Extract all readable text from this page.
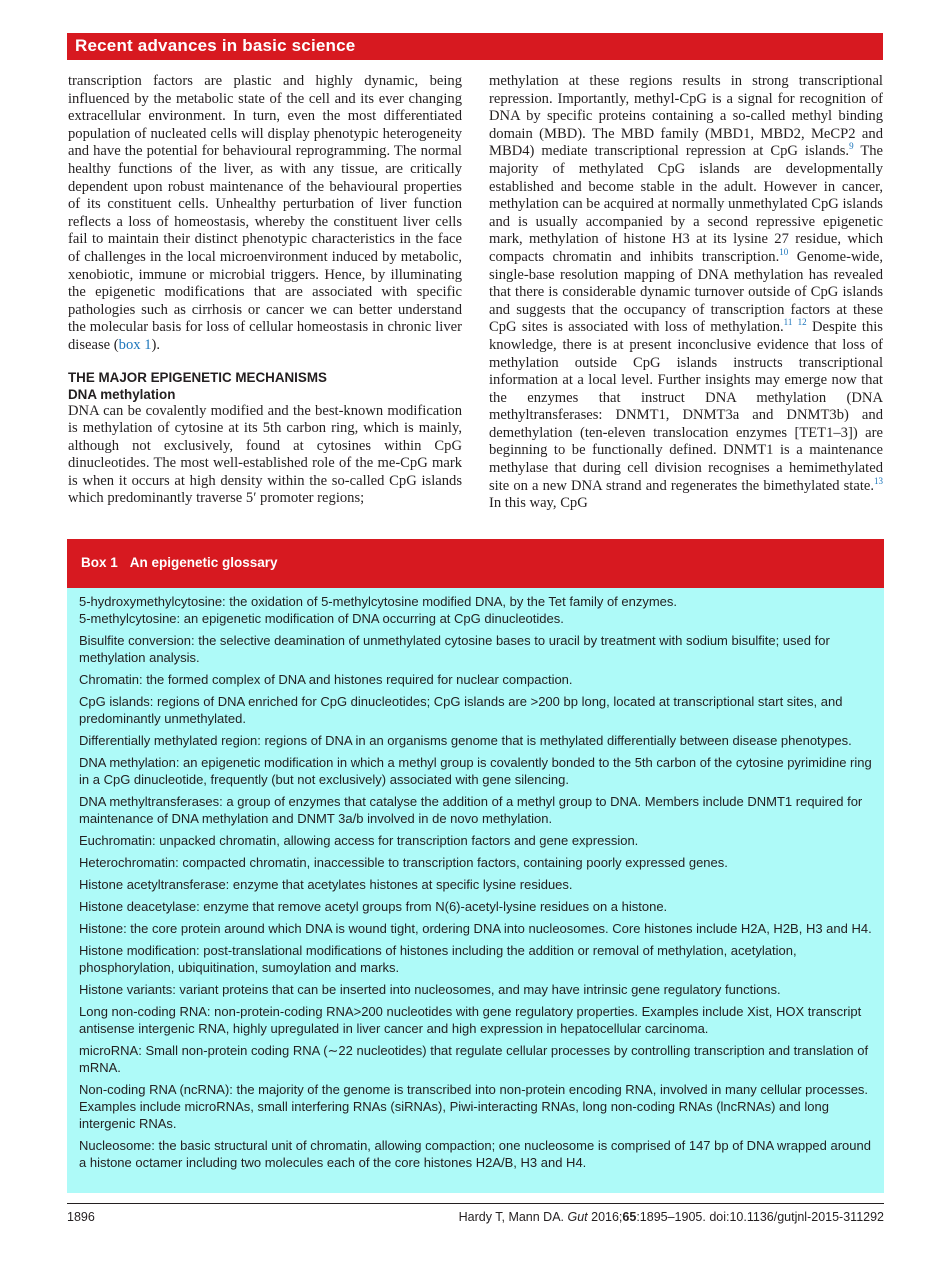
Recent advances in basic science

transcription factors are plastic and highly dynamic, being influenced by the metabolic state of the cell and its ever changing extracellular environment. In turn, even the most differentiated population of nucleated cells will display phenotypic heterogeneity and have the potential for behavioural reprogramming. The normal healthy functions of the liver, as with any tissue, are critically dependent upon robust maintenance of the behavioural properties of its constituent cells. Unhealthy perturbation of liver function reflects a loss of homeostasis, whereby the constituent liver cells fail to maintain their distinct phenotypic characteristics in the face of challenges in the local microenvironment induced by metabolic, xenobiotic, immune or microbial triggers. Hence, by illuminating the epigenetic modifications that are associated with specific pathologies such as cirrhosis or cancer we can better understand the molecular basis for loss of cellular homeostasis in chronic liver disease (box 1).

THE MAJOR EPIGENETIC MECHANISMS
DNA methylation

DNA can be covalently modified and the best-known modification is methylation of cytosine at its 5th carbon ring, which is mainly, although not exclusively, found at cytosines within CpG dinucleotides. The most well-established role of the me-CpG mark is when it occurs at high density within the so-called CpG islands which predominantly traverse 5′ promoter regions;

methylation at these regions results in strong transcriptional repression. Importantly, methyl-CpG is a signal for recognition of DNA by specific proteins containing a so-called methyl binding domain (MBD). The MBD family (MBD1, MBD2, MeCP2 and MBD4) mediate transcriptional repression at CpG islands.$^9$ The majority of methylated CpG islands are developmentally established and become stable in the adult. However in cancer, methylation can be acquired at normally unmethylated CpG islands and is usually accompanied by a second repressive epigenetic mark, methylation of histone H3 at its lysine 27 residue, which compacts chromatin and inhibits transcription.$^{10}$ Genome-wide, single-base resolution mapping of DNA methylation has revealed that there is considerable dynamic turnover outside of CpG islands and suggests that the occupancy of transcription factors at these CpG sites is associated with loss of methylation.$^{11}$ $^{12}$ Despite this knowledge, there is at present inconclusive evidence that loss of methylation outside CpG islands instructs transcriptional information at a local level. Further insights may emerge now that the enzymes that instruct DNA methylation (DNA methyltransferases: DNMT1, DNMT3a and DNMT3b) and demethylation (ten-eleven translocation enzymes [TET1–3]) are beginning to be functionally defined. DNMT1 is a maintenance methylase that during cell division recognises a hemimethylated site on a new DNA strand and regenerates the bimethylated state.$^{13}$ In this way, CpG

Box 1 An epigenetic glossary
5-hydroxymethylcytosine: the oxidation of 5-methylcytosine modified DNA, by the Tet family of enzymes.
5-methylcytosine: an epigenetic modification of DNA occurring at CpG dinucleotides.
Bisulfite conversion: the selective deamination of unmethylated cytosine bases to uracil by treatment with sodium bisulfite; used for methylation analysis.
Chromatin: the formed complex of DNA and histones required for nuclear compaction.
CpG islands: regions of DNA enriched for CpG dinucleotides; CpG islands are >200 bp long, located at transcriptional start sites, and predominantly unmethylated.
Differentially methylated region: regions of DNA in an organisms genome that is methylated differentially between disease phenotypes.
DNA methylation: an epigenetic modification in which a methyl group is covalently bonded to the 5th carbon of the cytosine pyrimidine ring in a CpG dinucleotide, frequently (but not exclusively) associated with gene silencing.
DNA methyltransferases: a group of enzymes that catalyse the addition of a methyl group to DNA. Members include DNMT1 required for maintenance of DNA methylation and DNMT 3a/b involved in de novo methylation.
Euchromatin: unpacked chromatin, allowing access for transcription factors and gene expression.
Heterochromatin: compacted chromatin, inaccessible to transcription factors, containing poorly expressed genes.
Histone acetyltransferase: enzyme that acetylates histones at specific lysine residues.
Histone deacetylase: enzyme that remove acetyl groups from N(6)-acetyl-lysine residues on a histone.
Histone: the core protein around which DNA is wound tight, ordering DNA into nucleosomes. Core histones include H2A, H2B, H3 and H4.
Histone modification: post-translational modifications of histones including the addition or removal of methylation, acetylation, phosphorylation, ubiquitination, sumoylation and marks.
Histone variants: variant proteins that can be inserted into nucleosomes, and may have intrinsic gene regulatory functions.
Long non-coding RNA: non-protein-coding RNA>200 nucleotides with gene regulatory properties. Examples include Xist, HOX transcript antisense intergenic RNA, highly upregulated in liver cancer and high expression in hepatocellular carcinoma.
microRNA: Small non-protein coding RNA (∼22 nucleotides) that regulate cellular processes by controlling transcription and translation of mRNA.
Non-coding RNA (ncRNA): the majority of the genome is transcribed into non-protein encoding RNA, involved in many cellular processes. Examples include microRNAs, small interfering RNAs (siRNAs), Piwi-interacting RNAs, long non-coding RNAs (lncRNAs) and long intergenic RNAs.
Nucleosome: the basic structural unit of chromatin, allowing compaction; one nucleosome is comprised of 147 bp of DNA wrapped around a histone octamer including two molecules each of the core histones H2A/B, H3 and H4.
1896	Hardy T, Mann DA. Gut 2016;65:1895–1905. doi:10.1136/gutjnl-2015-311292
